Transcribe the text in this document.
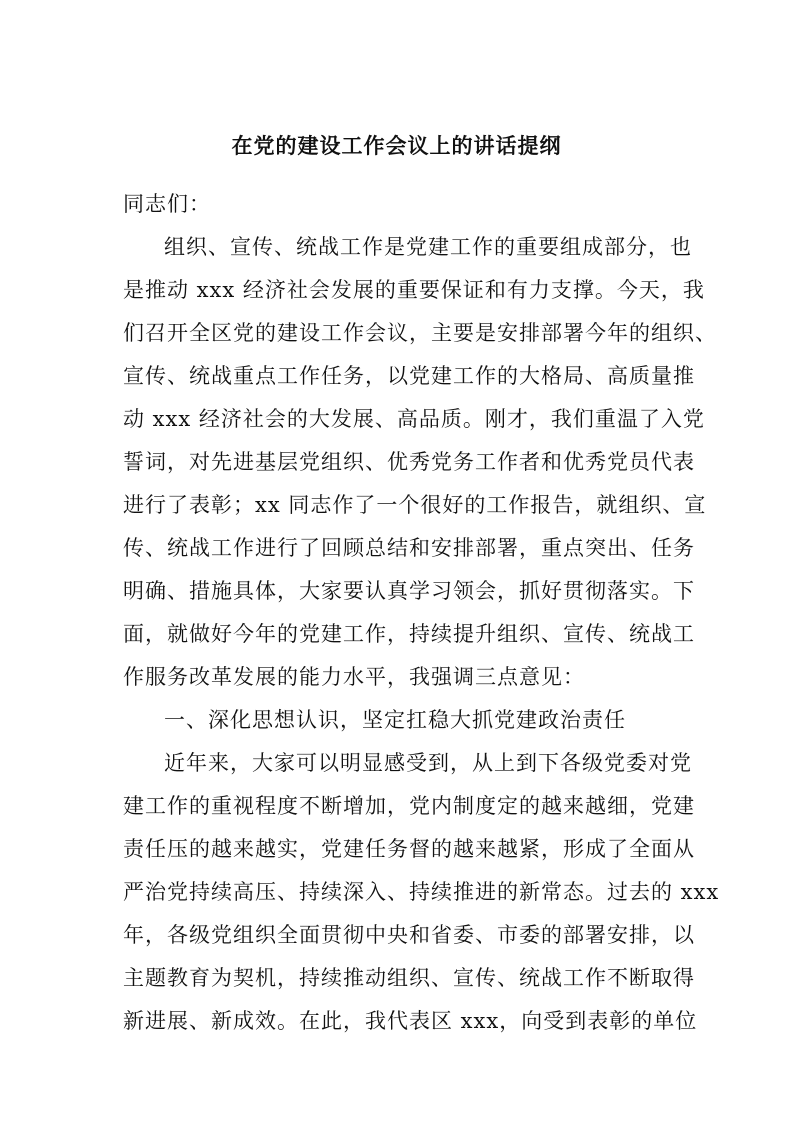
在党的建设工作会议上的讲话提纲
同志们：
组织、宣传、统战工作是党建工作的重要组成部分，也
是推动 xxx 经济社会发展的重要保证和有力支撑。今天，我
们召开全区党的建设工作会议，主要是安排部署今年的组织、
宣传、统战重点工作任务，以党建工作的大格局、高质量推
动 xxx 经济社会的大发展、高品质。刚才，我们重温了入党
誓词，对先进基层党组织、优秀党务工作者和优秀党员代表
进行了表彰；xx 同志作了一个很好的工作报告，就组织、宣
传、统战工作进行了回顾总结和安排部署，重点突出、任务
明确、措施具体，大家要认真学习领会，抓好贯彻落实。下
面，就做好今年的党建工作，持续提升组织、宣传、统战工
作服务改革发展的能力水平，我强调三点意见：
一、深化思想认识，坚定扛稳大抓党建政治责任
近年来，大家可以明显感受到，从上到下各级党委对党
建工作的重视程度不断增加，党内制度定的越来越细，党建
责任压的越来越实，党建任务督的越来越紧，形成了全面从
严治党持续高压、持续深入、持续推进的新常态。过去的 xxx
年，各级党组织全面贯彻中央和省委、市委的部署安排，以
主题教育为契机，持续推动组织、宣传、统战工作不断取得
新进展、新成效。在此，我代表区 xxx，向受到表彰的单位
